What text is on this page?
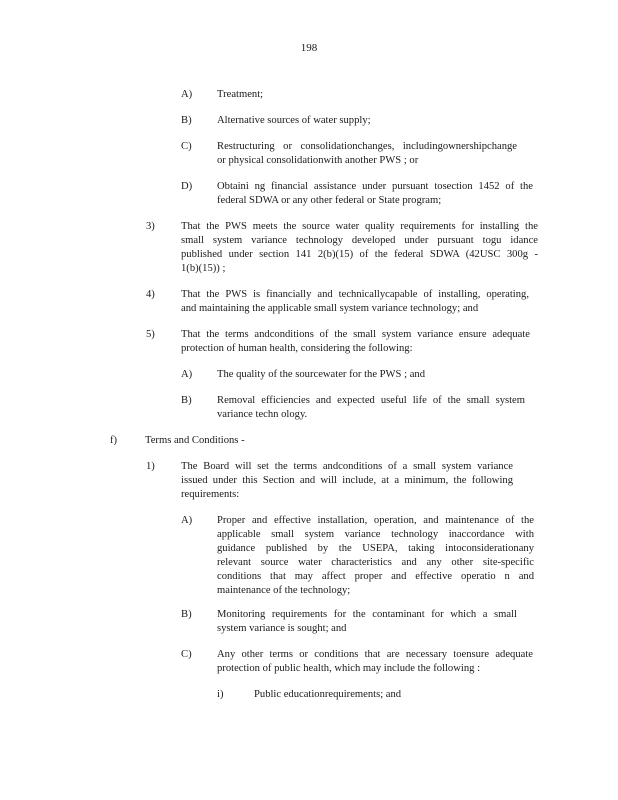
198
A) Treatment;
B) Alternative sources of water supply;
C) Restructuring or consolidationchanges, includingownershipchange
or physical consolidationwith another PWS ; or
D) Obtaini ng financial assistance under pursuant tosection 1452 of the
federal SDWA or any other federal or State program;
3) That the PWS meets the source water quality requirements for installing the
small system variance technology developed under pursuant togu idance
published under section 141 2(b)(15) of the federal SDWA (42USC 300g -
1(b)(15)) ;
4) That the PWS is financially and technicallycapable of installing, operating,
and maintaining the applicable small system variance technology; and
5) That the terms andconditions of the small system variance ensure adequate
protection of human health, considering the following:
A) The quality of the sourcewater for the PWS ; and
B) Removal efficiencies and expected useful life of the small system
variance techn ology.
f)	Terms and Conditions -
1) The Board will set the terms andconditions of a small system variance
issued under this Section and will include, at a minimum, the following
requirements:
A) Proper and effective installation, operation, and maintenance of the
applicable small system variance technology inaccordance with
guidance published by the USEPA, taking intoconsiderationany
relevant source water characteristics and any other site-specific
conditions that may affect proper and effective operatio n and
maintenance of the technology;
B) Monitoring requirements for the contaminant for which a small
system variance is sought; and
C) Any other terms or conditions that are necessary toensure adequate
protection of public health, which may include the following :
i)	Public educationrequirements; and
